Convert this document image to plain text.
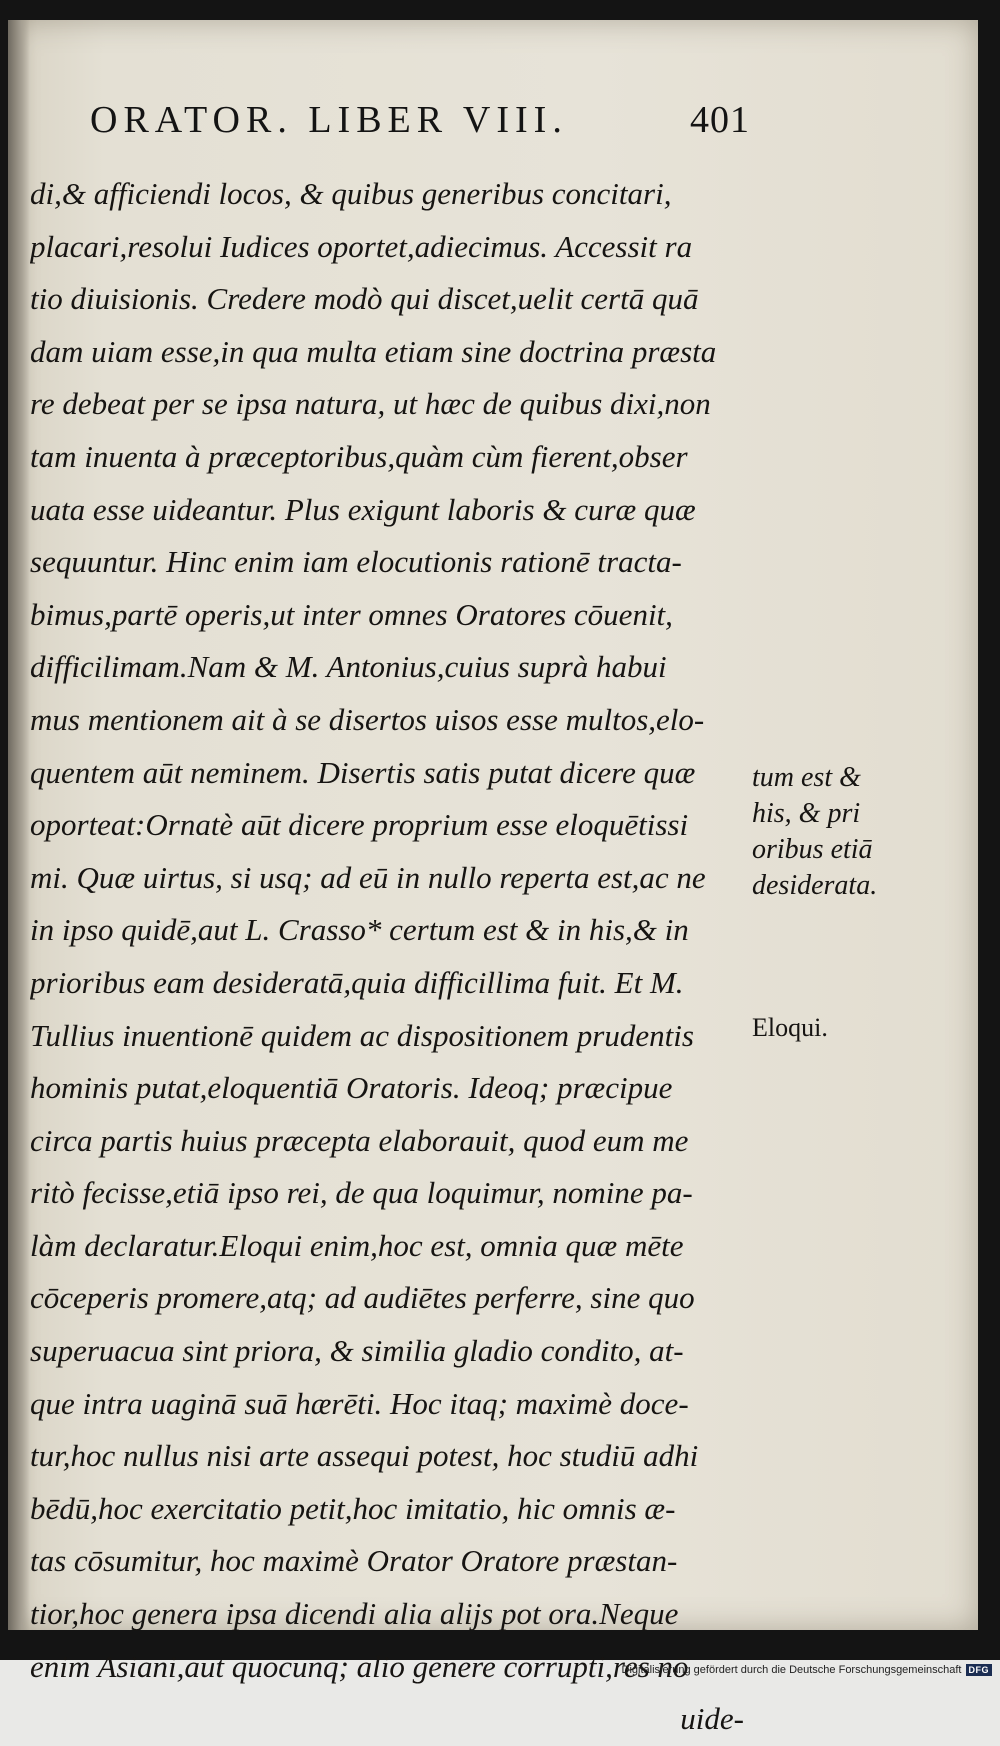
ORATOR. LIBER VIII.	401
di,& afficiendi locos, & quibus generibus concitari,
placari,resolui Iudices oportet,adiecimus. Accessit ra
tio diuisionis. Credere modò qui discet,uelit certā quā
dam uiam esse,in qua multa etiam sine doctrina præsta
re debeat per se ipsa natura, ut hæc de quibus dixi,non
tam inuenta à præceptoribus,quàm cùm fierent,obser
uata esse uideantur. Plus exigunt laboris & curæ quæ
sequuntur. Hinc enim iam elocutionis rationē tracta-
bimus,partē operis,ut inter omnes Oratores cōuenit,
difficilimam.Nam & M. Antonius,cuius suprà habui
mus mentionem ait à se disertos uisos esse multos,elo-
quentem aūt neminem. Disertis satis putat dicere quæ
oporteat:Ornatè aūt dicere proprium esse eloquētissi
mi. Quæ uirtus, si usq; ad eū in nullo reperta est,ac ne
in ipso quidē,aut L. Crasso* certum est & in his,& in
prioribus eam desideratā,quia difficillima fuit. Et M.
Tullius inuentionē quidem ac dispositionem prudentis
hominis putat,eloquentiā Oratoris. Ideoq; præcipue
circa partis huius præcepta elaborauit, quod eum me
ritò fecisse,etiā ipso rei, de qua loquimur, nomine pa-
làm declaratur.Eloqui enim,hoc est, omnia quæ mēte
cōceperis promere,atq; ad audiētes perferre, sine quo
superuacua sint priora, & similia gladio condito, at-
que intra uaginā suā hærēti. Hoc itaq; maximè doce-
tur,hoc nullus nisi arte assequi potest, hoc studiū adhi
bēdū,hoc exercitatio petit,hoc imitatio, hic omnis æ-
tas cōsumitur, hoc maximè Orator Oratore præstan-
tior,hoc genera ipsa dicendi alia alijs pot ora.Neque
enim Asiani,aut quocunq; alio genere corrupti,res nō
uide-
tum est &
his, & pri
oribus etiā
desiderata.
Eloqui.
Digitalisierung gefördert durch die Deutsche Forschungsgemeinschaft DFG
